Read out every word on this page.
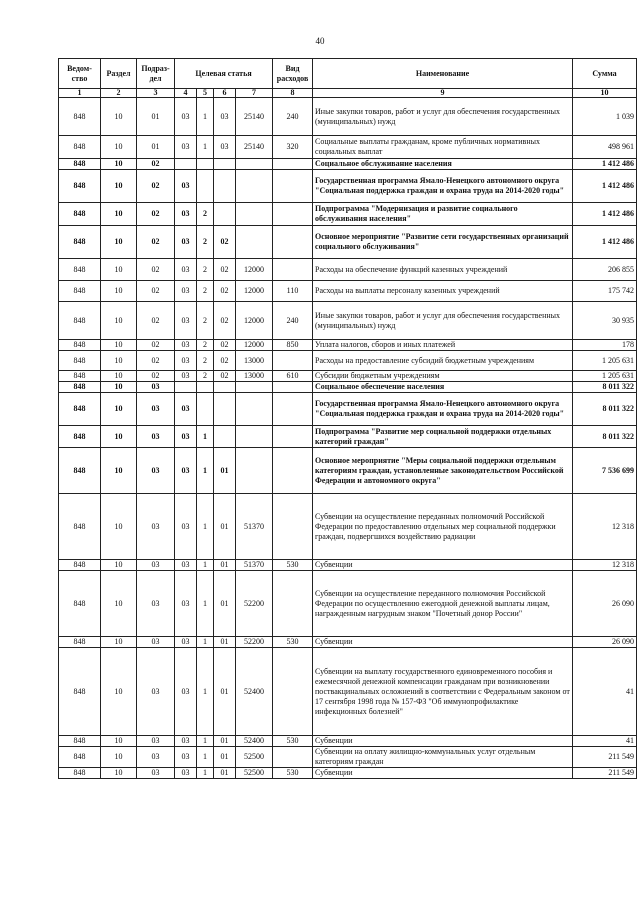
40
Ведом-ство	Раздел	Подраз-дел	Целевая статья				Вид расходов	Наименование	Сумма
1	2	3	4	5	6	7	8	9	10
848	10	01	03	1	03	25140	240	Иные закупки товаров, работ и услуг для обеспечения государственных (муниципальных) нужд	1 039
848	10	01	03	1	03	25140	320	Социальные выплаты гражданам, кроме публичных нормативных социальных выплат	498 961
848	10	02						Социальное обслуживание населения	1 412 486
848	10	02	03					Государственная программа Ямало-Ненецкого автономного округа "Социальная поддержка граждан и охрана труда на 2014-2020 годы"	1 412 486
848	10	02	03	2				Подпрограмма "Модернизация и развитие социального обслуживания населения"	1 412 486
848	10	02	03	2	02			Основное мероприятие "Развитие сети государственных организаций социального обслуживания"	1 412 486
848	10	02	03	2	02	12000		Расходы на обеспечение функций казенных учреждений	206 855
848	10	02	03	2	02	12000	110	Расходы на выплаты персоналу казенных учреждений	175 742
848	10	02	03	2	02	12000	240	Иные закупки товаров, работ и услуг для обеспечения государственных (муниципальных) нужд	30 935
848	10	02	03	2	02	12000	850	Уплата налогов, сборов и иных платежей	178
848	10	02	03	2	02	13000		Расходы на предоставление субсидий бюджетным учреждениям	1 205 631
848	10	02	03	2	02	13000	610	Субсидии бюджетным учреждениям	1 205 631
848	10	03						Социальное обеспечение населения	8 011 322
848	10	03	03					Государственная программа Ямало-Ненецкого автономного округа "Социальная поддержка граждан и охрана труда на 2014-2020 годы"	8 011 322
848	10	03	03	1				Подпрограмма "Развитие мер социальной поддержки отдельных категорий граждан"	8 011 322
848	10	03	03	1	01			Основное мероприятие "Меры социальной поддержки отдельным категориям граждан, установленные законодательством Российской Федерации и автономного округа"	7 536 699
848	10	03	03	1	01	51370		Субвенции на осуществление переданных полномочий Российской Федерации по предоставлению отдельных мер социальной поддержки граждан, подвергшихся воздействию радиации	12 318
848	10	03	03	1	01	51370	530	Субвенции	12 318
848	10	03	03	1	01	52200		Субвенции на осуществление переданного полномочия Российской Федерации по осуществлению ежегодной денежной выплаты лицам, награжденным нагрудным знаком "Почетный донор России"	26 090
848	10	03	03	1	01	52200	530	Субвенции	26 090
848	10	03	03	1	01	52400		Субвенции на выплату государственного единовременного пособия и ежемесячной денежной компенсации гражданам при возникновении поствакцинальных осложнений в соответствии с Федеральным законом от 17 сентября 1998 года № 157-ФЗ "Об иммунопрофилактике инфекционных болезней"	41
848	10	03	03	1	01	52400	530	Субвенции	41
848	10	03	03	1	01	52500		Субвенции на оплату жилищно-коммунальных услуг отдельным категориям граждан	211 549
848	10	03	03	1	01	52500	530	Субвенции	211 549
